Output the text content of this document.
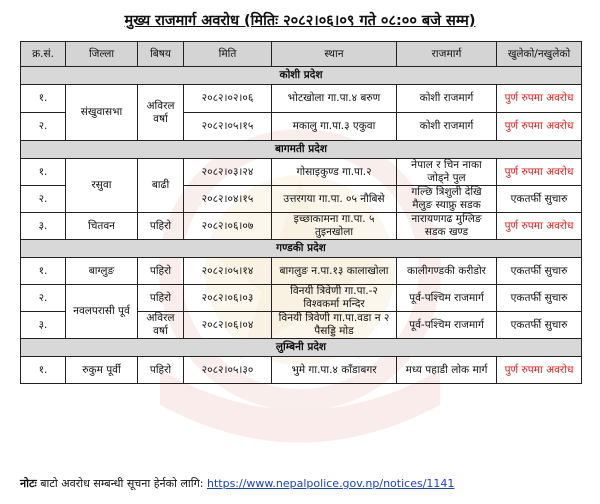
मुख्य राजमार्ग अवरोध (मितिः २०८२।०६।०९ गते ०८:०० बजे सम्म)
क्र.सं.	जिल्ला	बिषय	मिति	स्थान	राजमार्ग	खुलेको/नखुलेको
कोशी प्रदेश						
१.	संखुवासभा	अविरल वर्षा	२०८२।०२।०६	भोटखोला गा.पा.४ बरुण	कोशी राजमार्ग	पुर्ण रुपमा अवरोध
२.			२०८२।०५।१५	मकालु गा.पा.३ एकुवा	कोशी राजमार्ग	पुर्ण रुपमा अवरोध
बागमती प्रदेश						
१.	रसुवा	बाढी	२०८२।०३।२४	गोसाइकुण्ड गा.पा.२	नेपाल र चिन नाका जोड्ने पुल	पुर्ण रुपमा अवरोध
२.			२०८२।०४।१५	उत्तरगया गा.पा. ०५ नौबिसे	गल्छि त्रिशुली देखि मैलुङ स्याफ्रु सडक	एकतर्फी सुचारु
३.	चितवन	पहिरो	२०८२।०६।०७	इच्छाकामना गा.पा. ५ तुइनखोला	नारायणगढ मुग्लिङ सडक खण्ड	पुर्ण रुपमा अवरोध
गण्डकी प्रदेश						
१.	बाग्लुङ	पहिरो	२०८२।०५।१४	बागलुङ न.पा.१३ कालाखोला	कालीगण्डकी करीडोर	एकतर्फी सुचारु
२.	नवलपरासी पूर्व	पहिरो	२०८२।०६।०३	विनयी त्रिवेणी गा.पा.-२ विश्वकर्मा मन्दिर	पूर्व-पश्चिम राजमार्ग	एकतर्फी सुचारु
३.		अविरल वर्षा	२०८२।०६।०४	विनयी त्रिवेणी गा.पा.वडा न २ पैसड्डि मोड	पूर्व-पश्चिम राजमार्ग	एकतर्फी सुचारु
लुम्बिनी प्रदेश						
१.	रुकुम पूर्वी	पहिरो	२०८२।०५।३०	भुमे गा.पा.४ काँडाबगर	मध्य पहाडी लोक मार्ग	पुर्ण रुपमा अवरोध
नोटः बाटो अवरोध सम्बन्धी सूचना हेर्नको लागि: https://www.nepalpolice.gov.np/notices/1141
